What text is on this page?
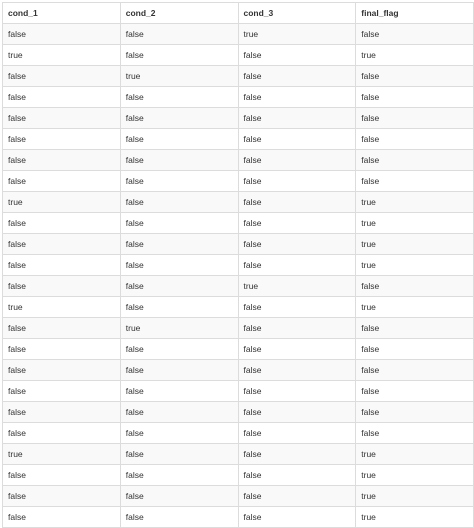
cond_1	cond_2	cond_3	final_flag
false	false	true	false
true	false	false	true
false	true	false	false
false	false	false	false
false	false	false	false
false	false	false	false
false	false	false	false
false	false	false	false
true	false	false	true
false	false	false	true
false	false	false	true
false	false	false	true
false	false	true	false
true	false	false	true
false	true	false	false
false	false	false	false
false	false	false	false
false	false	false	false
false	false	false	false
false	false	false	false
true	false	false	true
false	false	false	true
false	false	false	true
false	false	false	true
